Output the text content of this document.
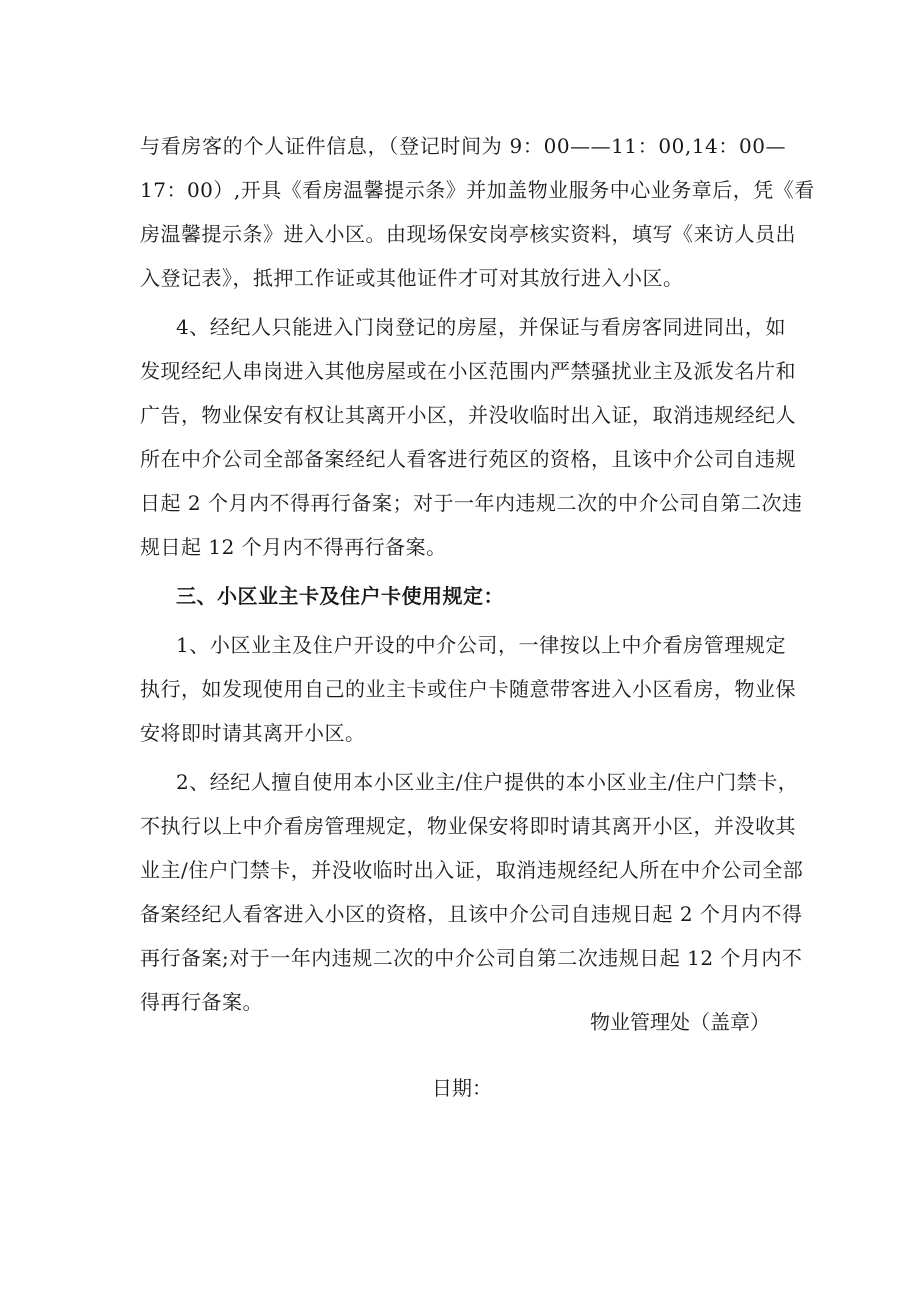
与看房客的个人证件信息，（登记时间为 9：00——11：00,14：00—
17：00）,开具《看房温馨提示条》并加盖物业服务中心业务章后，凭《看
房温馨提示条》进入小区。由现场保安岗亭核实资料，填写《来访人员出
入登记表》，抵押工作证或其他证件才可对其放行进入小区。
4、经纪人只能进入门岗登记的房屋，并保证与看房客同进同出，如
发现经纪人串岗进入其他房屋或在小区范围内严禁骚扰业主及派发名片和
广告，物业保安有权让其离开小区，并没收临时出入证，取消违规经纪人
所在中介公司全部备案经纪人看客进行苑区的资格，且该中介公司自违规
日起 2 个月内不得再行备案；对于一年内违规二次的中介公司自第二次违
规日起 12 个月内不得再行备案。
三、小区业主卡及住户卡使用规定：
1、小区业主及住户开设的中介公司，一律按以上中介看房管理规定
执行，如发现使用自己的业主卡或住户卡随意带客进入小区看房，物业保
安将即时请其离开小区。
2、经纪人擅自使用本小区业主/住户提供的本小区业主/住户门禁卡，
不执行以上中介看房管理规定，物业保安将即时请其离开小区，并没收其
业主/住户门禁卡，并没收临时出入证，取消违规经纪人所在中介公司全部
备案经纪人看客进入小区的资格，且该中介公司自违规日起 2 个月内不得
再行备案;对于一年内违规二次的中介公司自第二次违规日起 12 个月内不
得再行备案。
物业管理处（盖章）
日期：
